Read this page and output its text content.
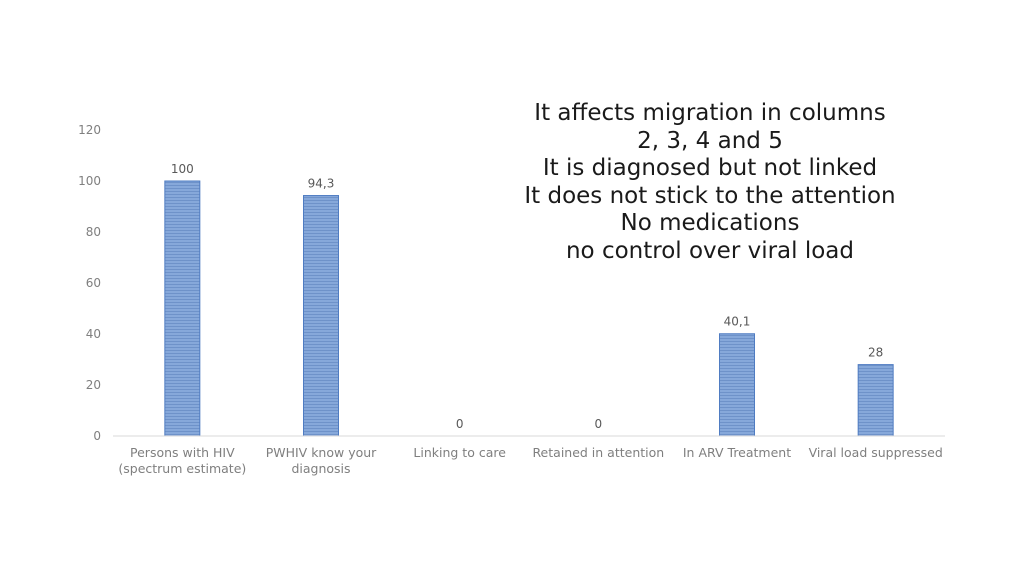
0
20
40
60
80
100
120
100
94,3
0	0
40,1
28
Persons with HIV (spectrum estimate)
PWHIV know your diagnosis
Linking to care Retained in attention In ARV Treatment Viral load suppressed
It affects migration in columns
2, 3, 4 and 5
It is diagnosed but not linked
It does not stick to the attention
No medications
no control over viral load
